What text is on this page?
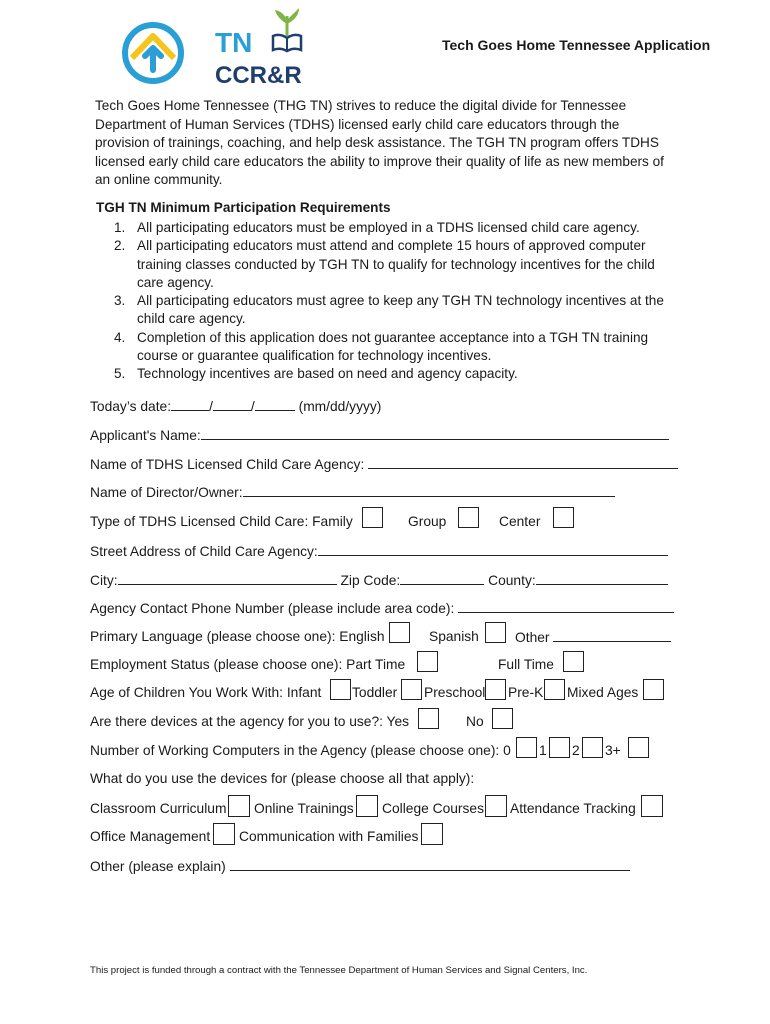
TN
CCR&R
Tech Goes Home Tennessee Application
Tech Goes Home Tennessee (THG TN) strives to reduce the digital divide for Tennessee Department of Human Services (TDHS) licensed early child care educators through the provision of trainings, coaching, and help desk assistance. The TGH TN program offers TDHS licensed early child care educators the ability to improve their quality of life as new members of an online community.
TGH TN Minimum Participation Requirements
1. All participating educators must be employed in a TDHS licensed child care agency.
2. All participating educators must attend and complete 15 hours of approved computer training classes conducted by TGH TN to qualify for technology incentives for the child care agency.
3. All participating educators must agree to keep any TGH TN technology incentives at the child care agency.
4. Completion of this application does not guarantee acceptance into a TGH TN training course or guarantee qualification for technology incentives.
5. Technology incentives are based on need and agency capacity.
Today’s date:	/	/	(mm/dd/yyyy)
Applicant's Name:
Name of TDHS Licensed Child Care Agency:
Name of Director/Owner:
Type of TDHS Licensed Child Care: Family	Group	Center
Street Address of Child Care Agency:
City:	Zip Code:	County:
Agency Contact Phone Number (please include area code):
Primary Language (please choose one): English	Spanish	Other
Employment Status (please choose one): Part Time	Full Time
Age of Children You Work With: Infant Toddler Preschool Pre-K Mixed Ages
Are there devices at the agency for you to use?: Yes	No
Number of Working Computers in the Agency (please choose one): 0 1 2 3+
What do you use the devices for (please choose all that apply):
Classroom Curriculum Online Trainings College Courses Attendance Tracking
Office Management Communication with Families
Other (please explain)
This project is funded through a contract with the Tennessee Department of Human Services and Signal Centers, Inc.
